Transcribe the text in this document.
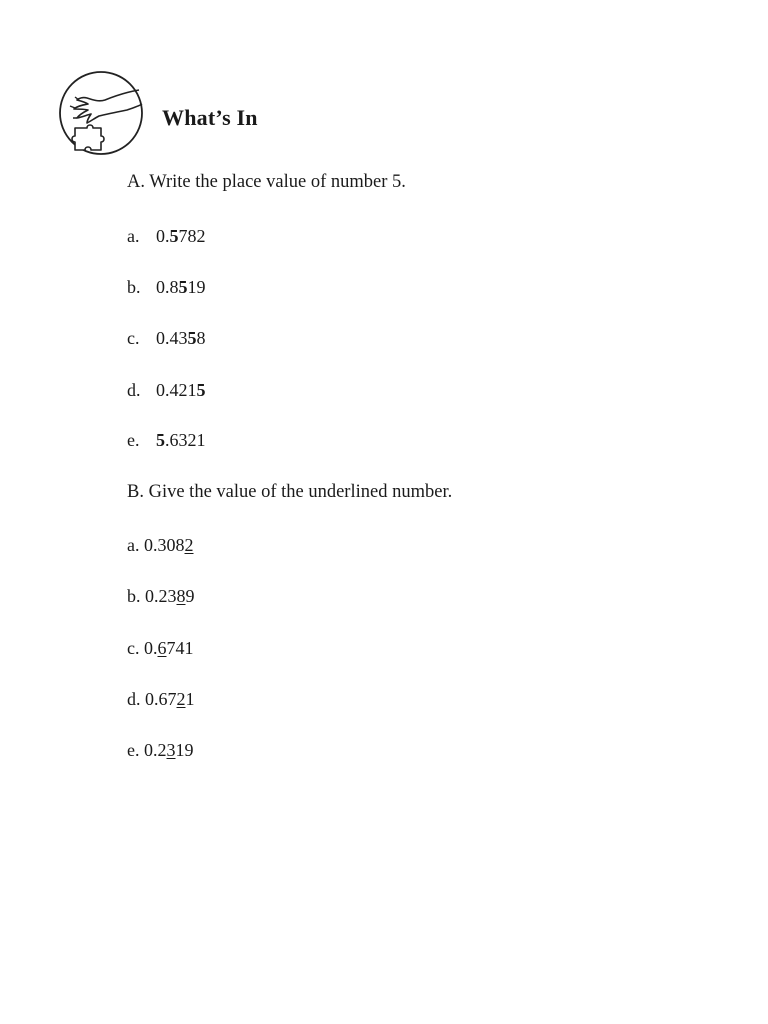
What’s In
A. Write the place value of number 5.
a. 0.5782
b. 0.8519
c. 0.4358
d. 0.4215
e. 5.6321
B. Give the value of the underlined number.
a. 0.3082
b. 0.2389
c. 0.6741
d. 0.6721
e. 0.2319
